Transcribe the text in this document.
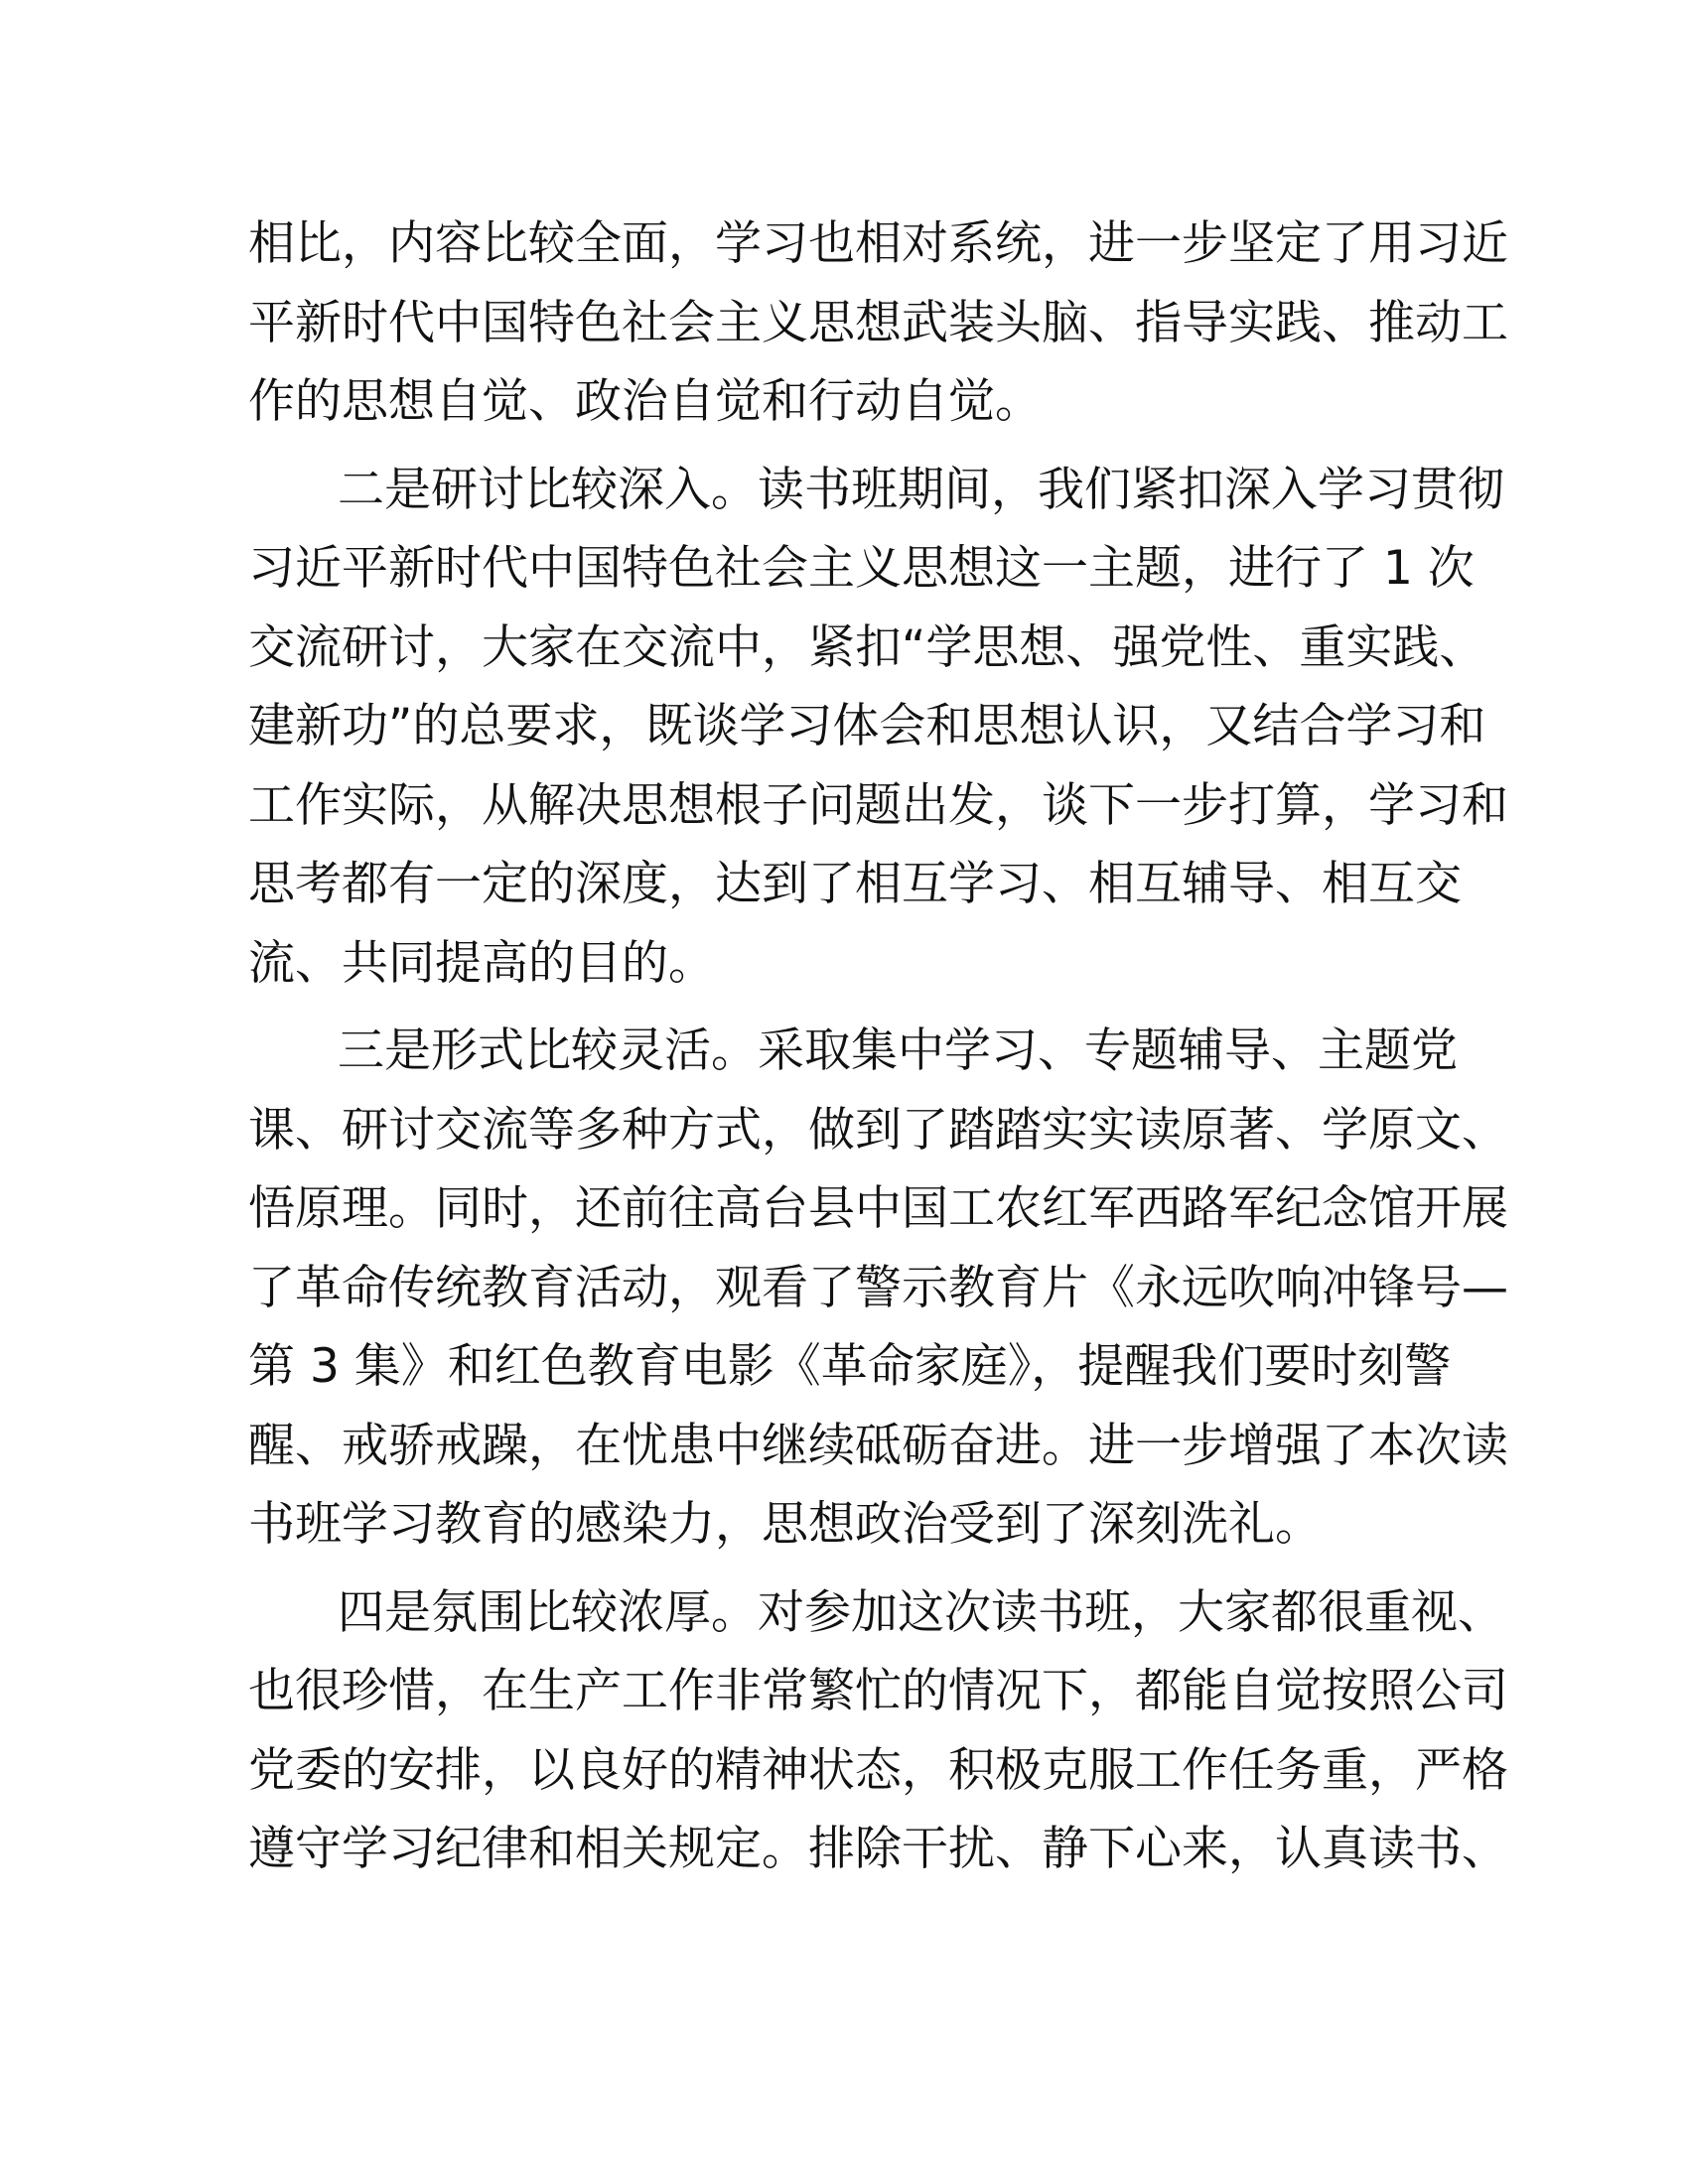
相比，内容比较全面，学习也相对系统，进一步坚定了用习近
平新时代中国特色社会主义思想武装头脑、指导实践、推动工
作的思想自觉、政治自觉和行动自觉。
二是研讨比较深入。读书班期间，我们紧扣深入学习贯彻
习近平新时代中国特色社会主义思想这一主题，进行了 1 次
交流研讨，大家在交流中，紧扣“学思想、强党性、重实践、
建新功”的总要求，既谈学习体会和思想认识，又结合学习和
工作实际，从解决思想根子问题出发，谈下一步打算，学习和
思考都有一定的深度，达到了相互学习、相互辅导、相互交
流、共同提高的目的。
三是形式比较灵活。采取集中学习、专题辅导、主题党
课、研讨交流等多种方式，做到了踏踏实实读原著、学原文、
悟原理。同时，还前往高台县中国工农红军西路军纪念馆开展
了革命传统教育活动，观看了警示教育片《永远吹响冲锋号—
第 3 集》和红色教育电影《革命家庭》，提醒我们要时刻警
醒、戒骄戒躁，在忧患中继续砥砺奋进。进一步增强了本次读
书班学习教育的感染力，思想政治受到了深刻洗礼。
四是氛围比较浓厚。对参加这次读书班，大家都很重视、
也很珍惜，在生产工作非常繁忙的情况下，都能自觉按照公司
党委的安排，以良好的精神状态，积极克服工作任务重，严格
遵守学习纪律和相关规定。排除干扰、静下心来，认真读书、
